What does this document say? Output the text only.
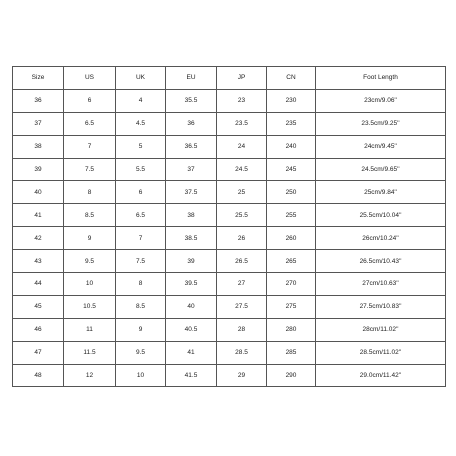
Size	US	UK	EU	JP	CN	Foot Length
36	6	4	35.5	23	230	23cm/9.06''
37	6.5	4.5	36	23.5	235	23.5cm/9.25''
38	7	5	36.5	24	240	24cm/9.45''
39	7.5	5.5	37	24.5	245	24.5cm/9.65''
40	8	6	37.5	25	250	25cm/9.84''
41	8.5	6.5	38	25.5	255	25.5cm/10.04''
42	9	7	38.5	26	260	26cm/10.24''
43	9.5	7.5	39	26.5	265	26.5cm/10.43''
44	10	8	39.5	27	270	27cm/10.63''
45	10.5	8.5	40	27.5	275	27.5cm/10.83''
46	11	9	40.5	28	280	28cm/11.02''
47	11.5	9.5	41	28.5	285	28.5cm/11.02''
48	12	10	41.5	29	290	29.0cm/11.42''
